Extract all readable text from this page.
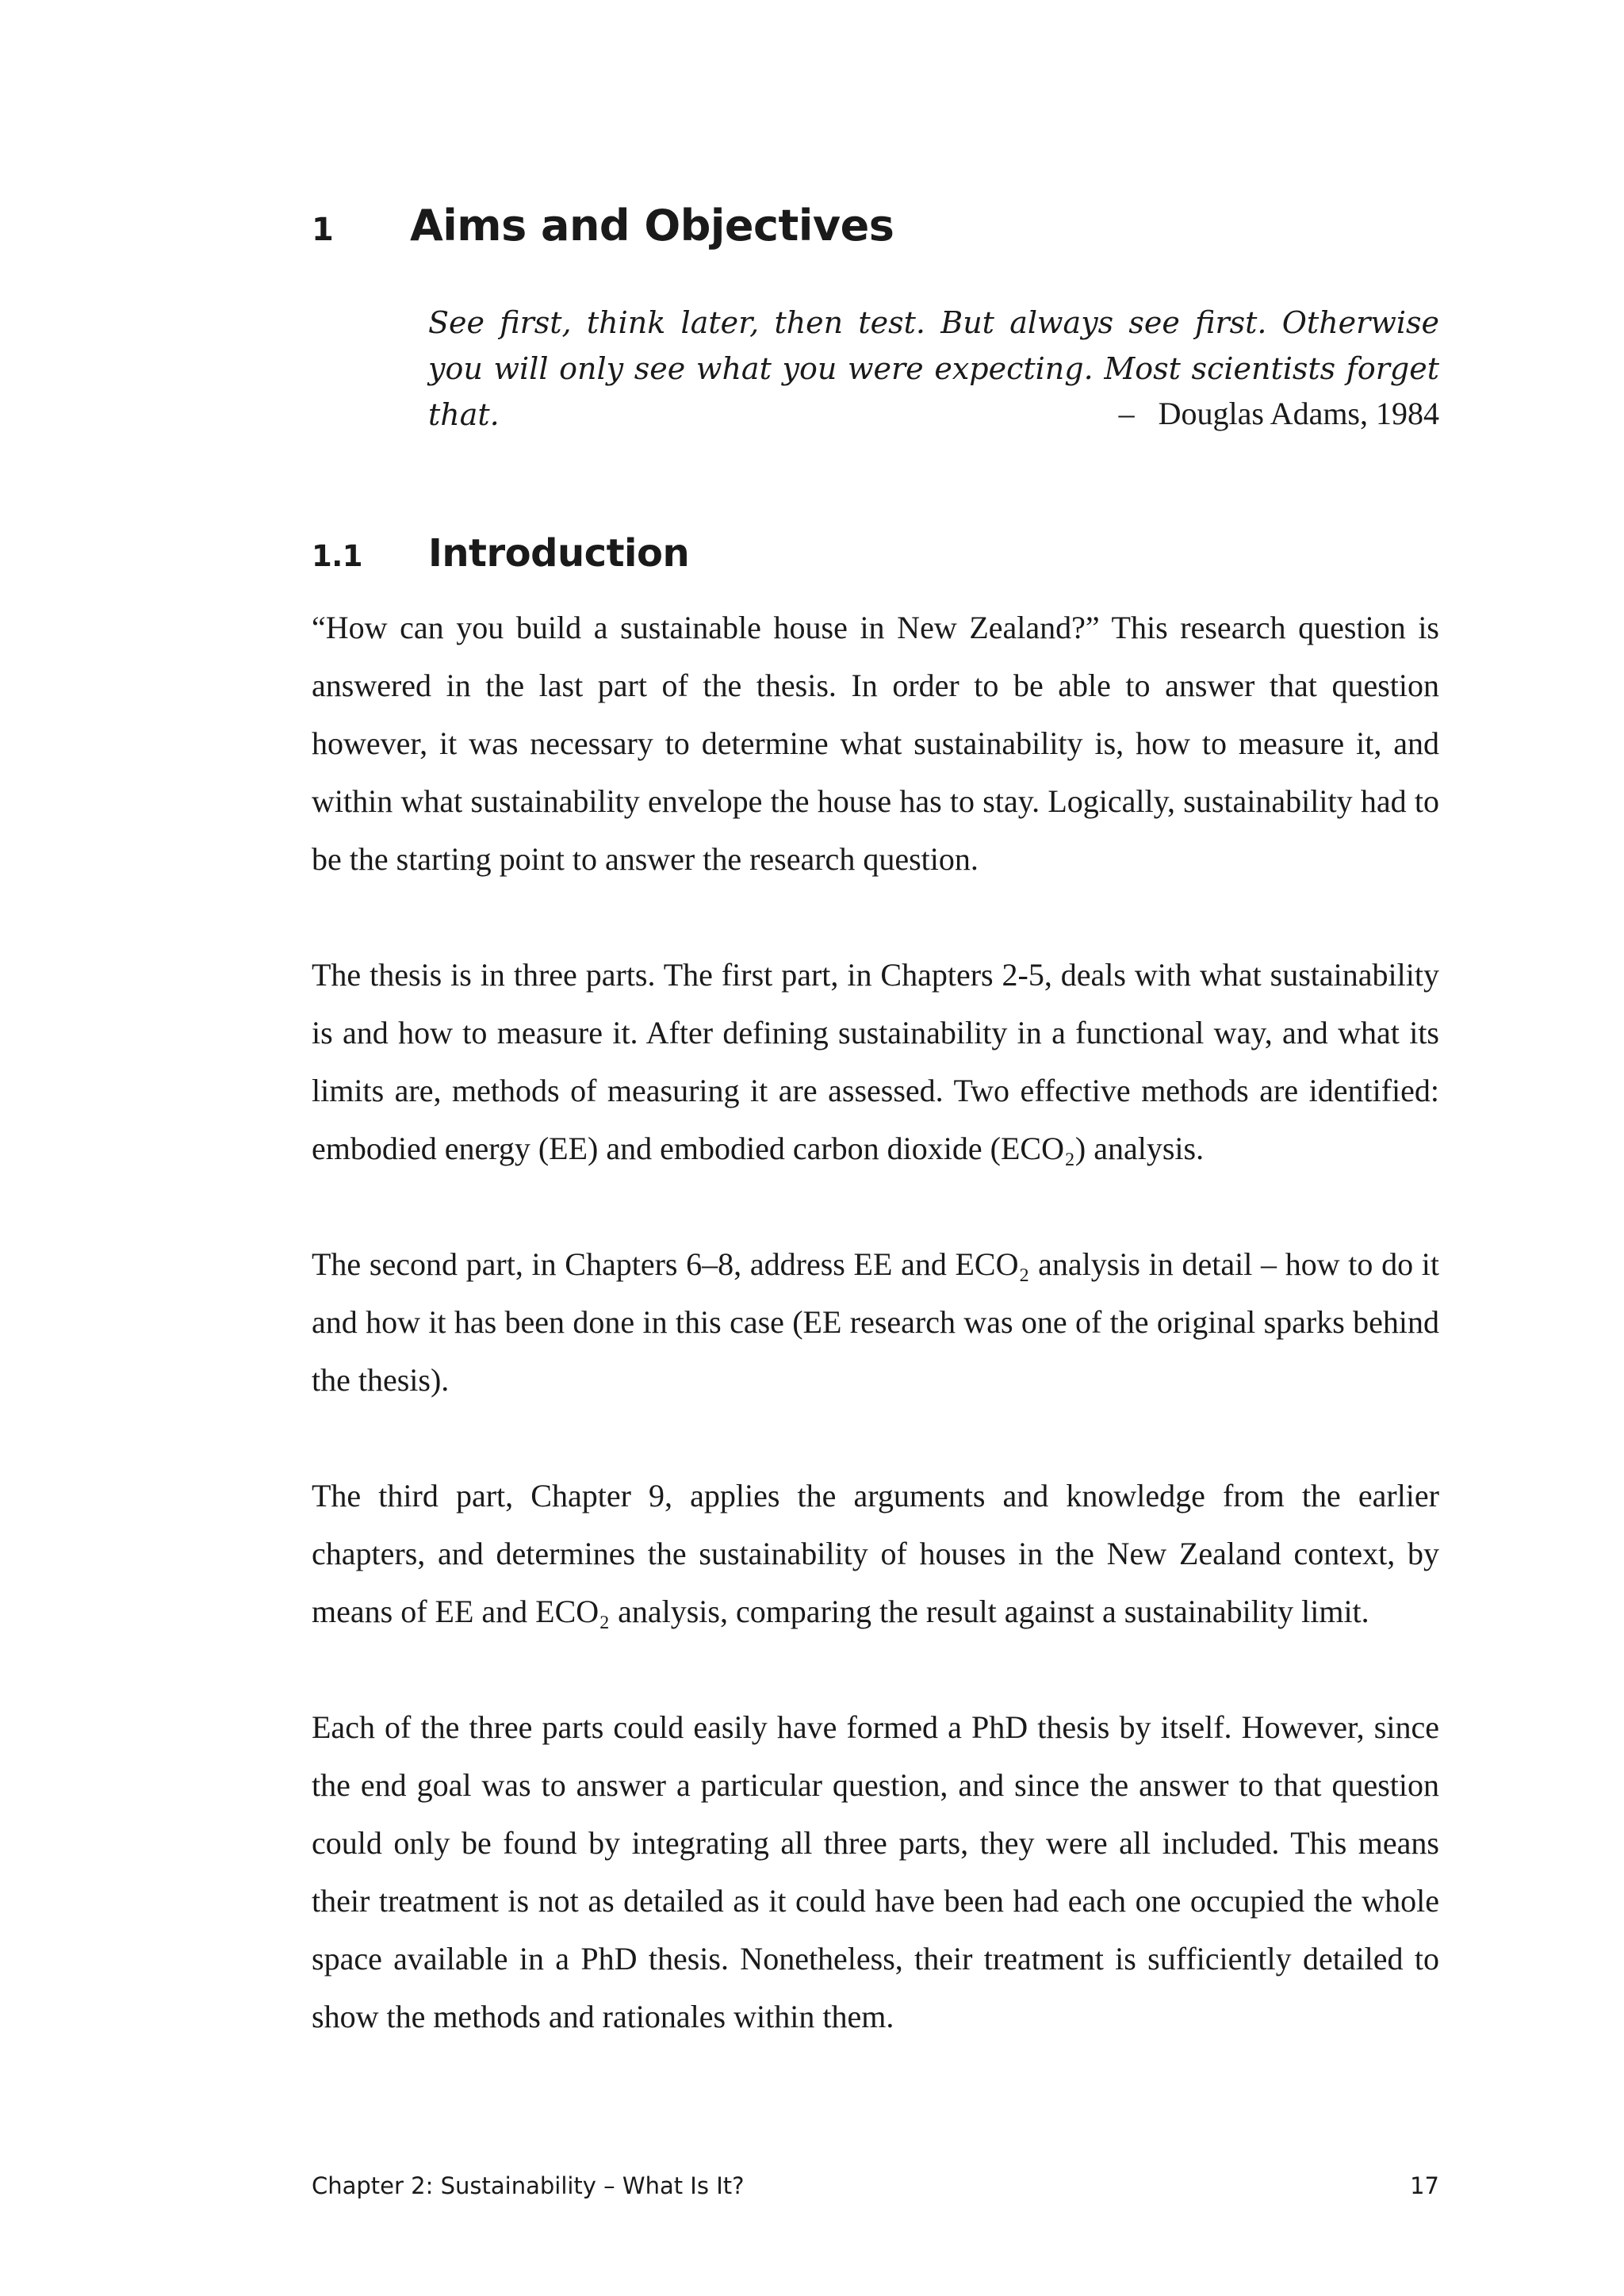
1 Aims and Objectives
See first, think later, then test. But always see first. Otherwise you will only see what you were expecting. Most scientists forget that.	– Douglas Adams, 1984
1.1 Introduction

“How can you build a sustainable house in New Zealand?” This research question is answered in the last part of the thesis. In order to be able to answer that question however, it was necessary to determine what sustainability is, how to measure it, and within what sustainability envelope the house has to stay. Logically, sustainability had to be the starting point to answer the research question.

The thesis is in three parts. The first part, in Chapters 2-5, deals with what sustainability is and how to measure it. After defining sustainability in a functional way, and what its limits are, methods of measuring it are assessed. Two effective methods are identified: embodied energy (EE) and embodied carbon dioxide (ECO₂) analysis.

The second part, in Chapters 6–8, address EE and ECO₂ analysis in detail – how to do it and how it has been done in this case (EE research was one of the original sparks behind the thesis).

The third part, Chapter 9, applies the arguments and knowledge from the earlier chapters, and determines the sustainability of houses in the New Zealand context, by means of EE and ECO₂ analysis, comparing the result against a sustainability limit.

Each of the three parts could easily have formed a PhD thesis by itself. However, since the end goal was to answer a particular question, and since the answer to that question could only be found by integrating all three parts, they were all included. This means their treatment is not as detailed as it could have been had each one occupied the whole space available in a PhD thesis. Nonetheless, their treatment is sufficiently detailed to show the methods and rationales within them.

Chapter 2: Sustainability – What Is It?	17
